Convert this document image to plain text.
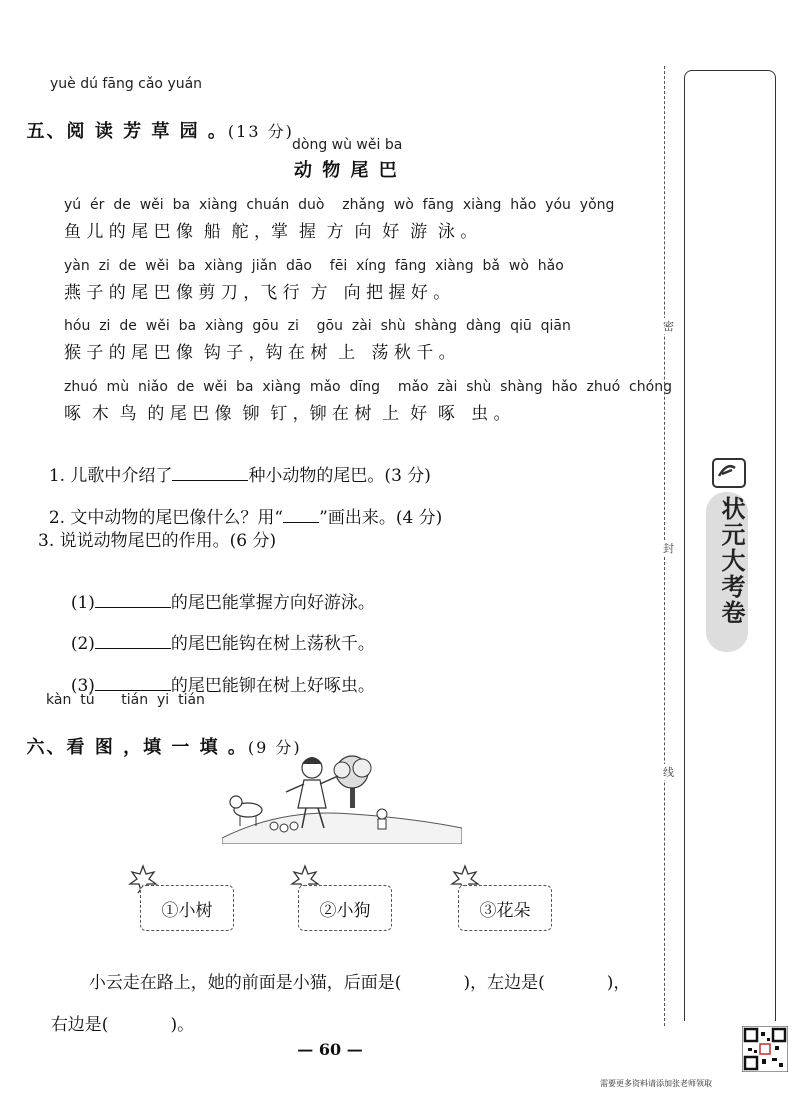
yuè dú fāng cǎo yuán

五、阅 读 芳 草 园 。(13 分)

dòng wù wěi ba
动 物 尾 巴
yú  ér  de  wěi  ba  xiàng  chuán  duò    zhǎng  wò  fāng  xiàng  hǎo  yóu  yǒng
鱼 儿 的 尾 巴 像  船  舵 ，掌  握  方  向  好  游  泳 。
yàn  zi  de  wěi  ba  xiàng  jiǎn  dāo    fēi  xíng  fāng  xiàng  bǎ  wò  hǎo
燕 子 的 尾 巴 像 剪 刀 ，飞 行  方   向 把 握 好 。
hóu  zi  de  wěi  ba  xiàng  gōu  zi    gōu  zài  shù  shàng  dàng  qiū  qiān
猴 子 的 尾 巴 像  钩 子 ，钩 在 树  上   荡 秋 千 。
zhuó  mù  niǎo  de  wěi  ba  xiàng  mǎo  dīng    mǎo  zài  shù  shàng  hǎo  zhuó  chóng
啄  木  鸟  的 尾 巴 像  铆  钉 ，铆 在 树  上  好  啄   虫 。

1. 儿歌中介绍了	种小动物的尾巴。(3 分)

2. 文中动物的尾巴像什么？用“ ”画出来。(4 分)

3. 说说动物尾巴的作用。(6 分)

(1)	的尾巴能掌握方向好游泳。

(2)	的尾巴能钩在树上荡秋千。

(3)	的尾巴能铆在树上好啄虫。

kàn  tú      tián  yi  tián

六、看 图 ，填 一 填 。(9 分)

①小树	②小狗	③花朵

小云走在路上，她的前面是小猫，后面是(	)，左边是(	)，

右边是(	)。

密
封
线
状元大考卷
— 60 —
需要更多资料请添加张老师领取
